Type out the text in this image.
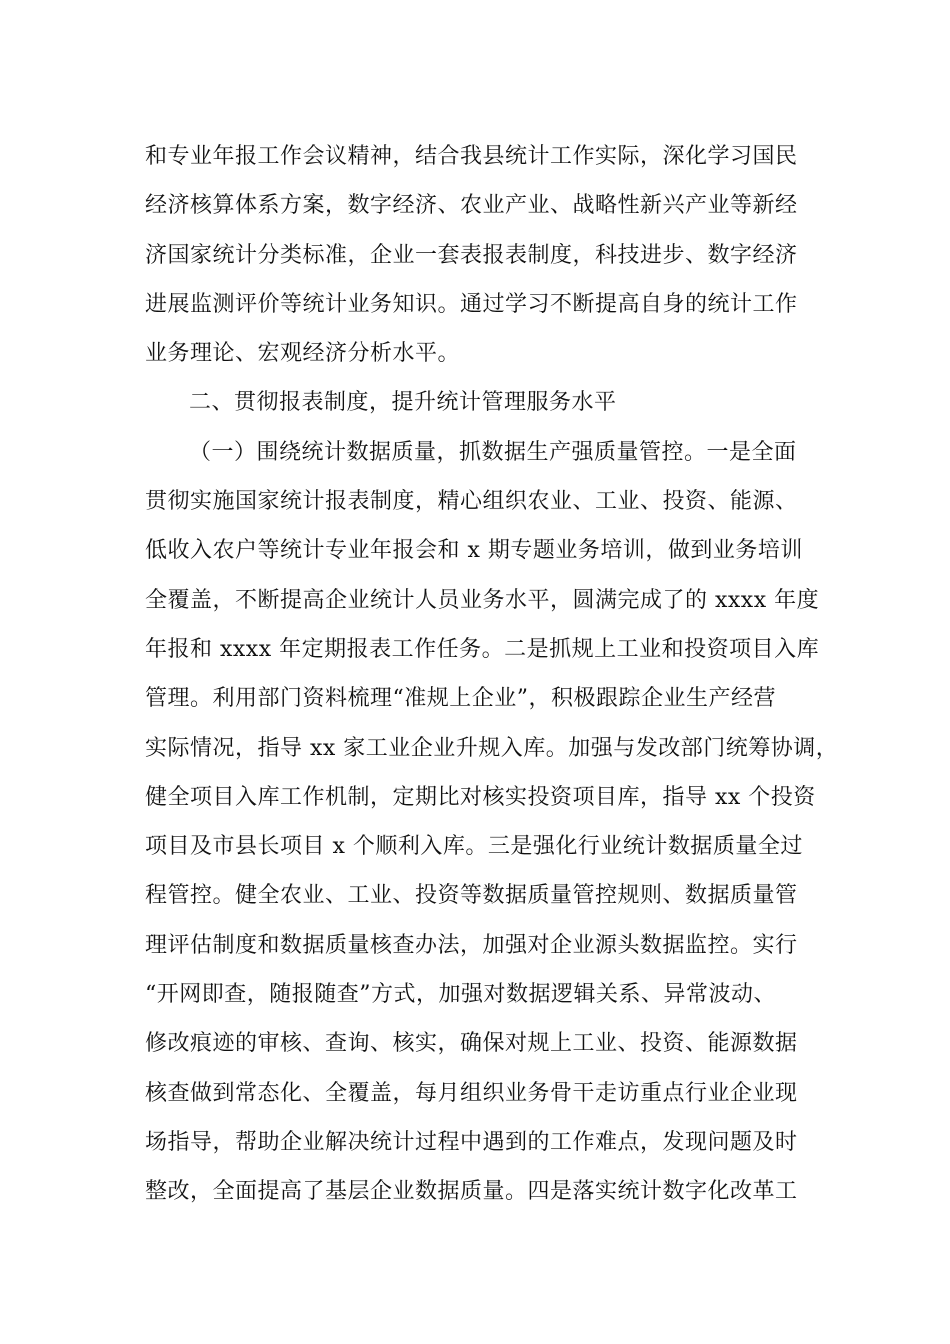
和专业年报工作会议精神，结合我县统计工作实际，深化学习国民
经济核算体系方案，数字经济、农业产业、战略性新兴产业等新经
济国家统计分类标准，企业一套表报表制度，科技进步、数字经济
进展监测评价等统计业务知识。通过学习不断提高自身的统计工作
业务理论、宏观经济分析水平。
二、贯彻报表制度，提升统计管理服务水平
（一）围绕统计数据质量，抓数据生产强质量管控。一是全面
贯彻实施国家统计报表制度，精心组织农业、工业、投资、能源、
低收入农户等统计专业年报会和 x 期专题业务培训，做到业务培训
全覆盖，不断提高企业统计人员业务水平，圆满完成了的 xxxx 年度
年报和 xxxx 年定期报表工作任务。二是抓规上工业和投资项目入库
管理。利用部门资料梳理“准规上企业”，积极跟踪企业生产经营
实际情况，指导 xx 家工业企业升规入库。加强与发改部门统筹协调，
健全项目入库工作机制，定期比对核实投资项目库，指导 xx 个投资
项目及市县长项目 x 个顺利入库。三是强化行业统计数据质量全过
程管控。健全农业、工业、投资等数据质量管控规则、数据质量管
理评估制度和数据质量核查办法，加强对企业源头数据监控。实行
“开网即查，随报随查”方式，加强对数据逻辑关系、异常波动、
修改痕迹的审核、查询、核实，确保对规上工业、投资、能源数据
核查做到常态化、全覆盖，每月组织业务骨干走访重点行业企业现
场指导，帮助企业解决统计过程中遇到的工作难点，发现问题及时
整改，全面提高了基层企业数据质量。四是落实统计数字化改革工
